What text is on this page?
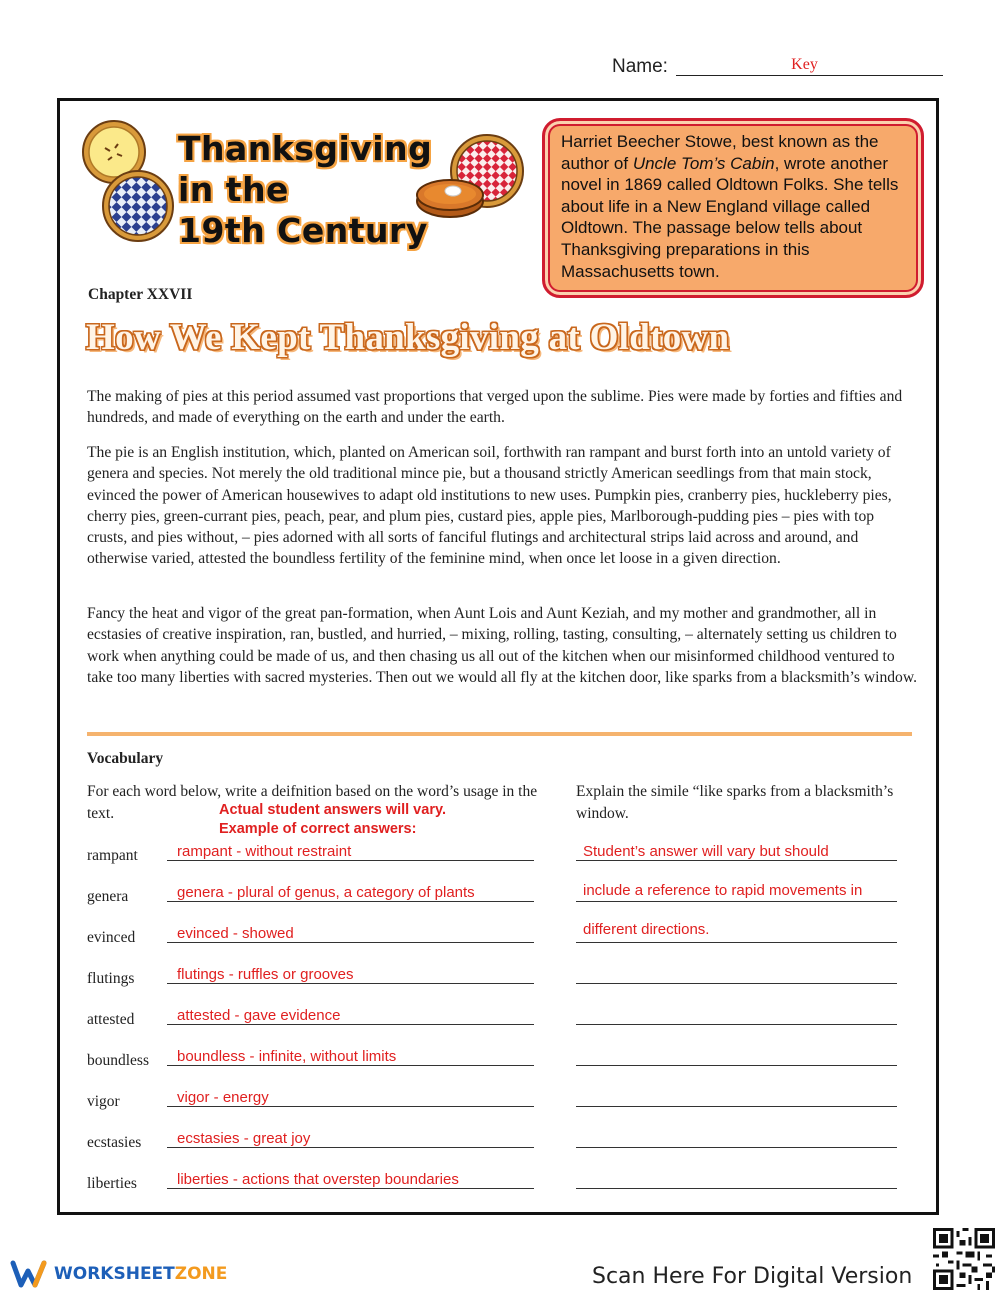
Name:	Key
Thanksgiving
in the
19th Century
Harriet Beecher Stowe, best known as the author of Uncle Tom’s Cabin, wrote another novel in 1869 called Oldtown Folks. She tells about life in a New England village called Oldtown. The passage below tells about Thanksgiving preparations in this Massachusetts town.
Chapter XXVII
How We Kept Thanksgiving at Oldtown

The making of pies at this period assumed vast proportions that verged upon the sublime. Pies were made by forties and fifties and hundreds, and made of everything on the earth and under the earth.

The pie is an English institution, which, planted on American soil, forthwith ran rampant and burst forth into an untold variety of genera and species. Not merely the old traditional mince pie, but a thousand strictly American seedlings from that main stock, evinced the power of American housewives to adapt old institutions to new uses. Pumpkin pies, cranberry pies, huckleberry pies, cherry pies, green-currant pies, peach, pear, and plum pies, custard pies, apple pies, Marlborough-pudding pies – pies with top crusts, and pies without, – pies adorned with all sorts of fanciful flutings and architectural strips laid across and around, and otherwise varied, attested the boundless fertility of the feminine mind, when once let loose in a given direction.

Fancy the heat and vigor of the great pan-formation, when Aunt Lois and Aunt Keziah, and my mother and grandmother, all in ecstasies of creative inspiration, ran, bustled, and hurried, – mixing, rolling, tasting, consulting, – alternately setting us children to work when anything could be made of us, and then chasing us all out of the kitchen when our misinformed childhood ventured to take too many liberties with sacred mysteries. Then out we would all fly at the kitchen door, like sparks from a blacksmith’s window.

Vocabulary
For each word below, write a deifnition based on the word’s usage in the text.	Actual student answers will vary.
Example of correct answers:
rampant	rampant - without restraint
genera	genera - plural of genus, a category of plants
evinced	evinced - showed
flutings	flutings - ruffles or grooves
attested	attested - gave evidence
boundless	boundless - infinite, without limits
vigor	vigor - energy
ecstasies	ecstasies - great joy
liberties	liberties - actions that overstep boundaries
Explain the simile “like sparks from a blacksmith’s window.
Student’s answer will vary but should
include a reference to rapid movements in
different directions.
WORKSHEETZONE	Scan Here For Digital Version
